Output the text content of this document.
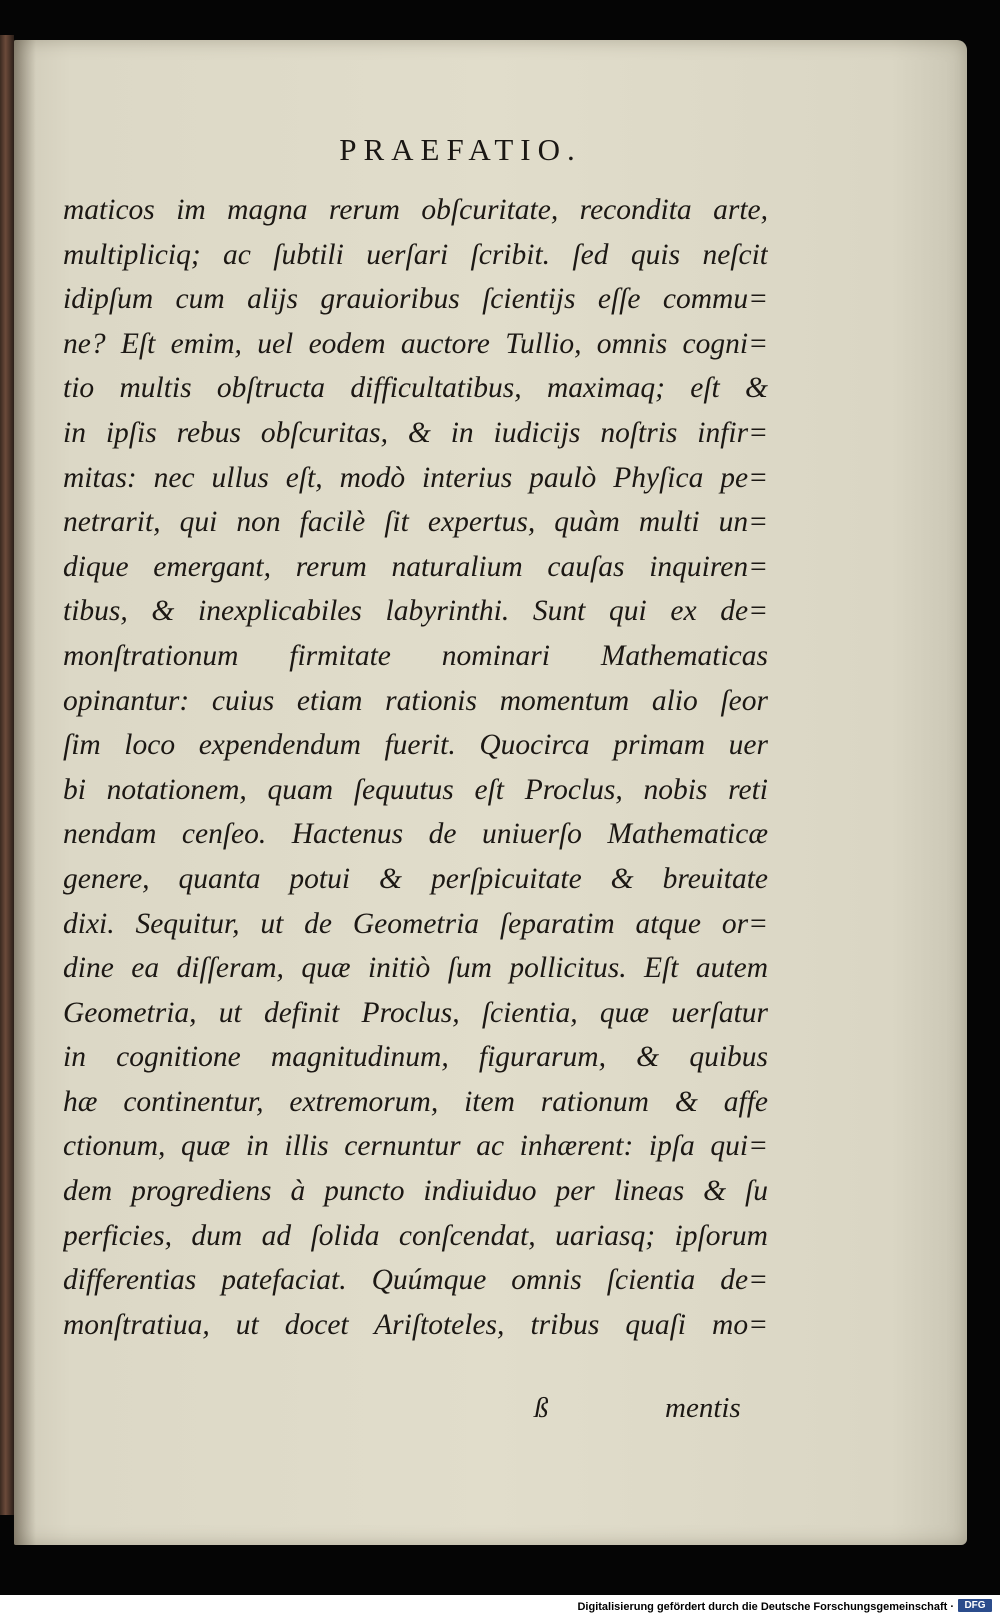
PRAEFATIO.
maticos im magna rerum obſcuritate, recondita arte,
multipliciq; ac ſubtili uerſari ſcribit. ſed quis neſcit
idipſum cum alijs grauioribus ſcientijs eſſe commu=
ne? Eſt emim, uel eodem auctore Tullio, omnis cogni=
tio multis obſtructa difficultatibus, maximaq; eſt &
in ipſis rebus obſcuritas, & in iudicijs noſtris infir=
mitas: nec ullus eſt, modò interius paulò Phyſica pe=
netrarit, qui non facilè ſit expertus, quàm multi un=
dique emergant, rerum naturalium cauſas inquiren=
tibus, & inexplicabiles labyrinthi. Sunt qui ex de=
monſtrationum firmitate nominari Mathematicas
opinantur: cuius etiam rationis momentum alio ſeor
ſim loco expendendum fuerit. Quocirca primam uer
bi notationem, quam ſequutus eſt Proclus, nobis reti
nendam cenſeo. Hactenus de uniuerſo Mathematicæ
genere, quanta potui & perſpicuitate & breuitate
dixi. Sequitur, ut de Geometria ſeparatim atque or=
dine ea diſſeram, quæ initiò ſum pollicitus. Eſt autem
Geometria, ut definit Proclus, ſcientia, quæ uerſatur
in cognitione magnitudinum, figurarum, & quibus
hæ continentur, extremorum, item rationum & affe
ctionum, quæ in illis cernuntur ac inhærent: ipſa qui=
dem progrediens à puncto indiuiduo per lineas & ſu
perficies, dum ad ſolida conſcendat, uariasq; ipſorum
differentias patefaciat. Quúmque omnis ſcientia de=
monſtratiua, ut docet Ariſtoteles, tribus quaſi mo=
ß	mentis
Digitalisierung gefördert durch die Deutsche Forschungsgemeinschaft ·	DFG
